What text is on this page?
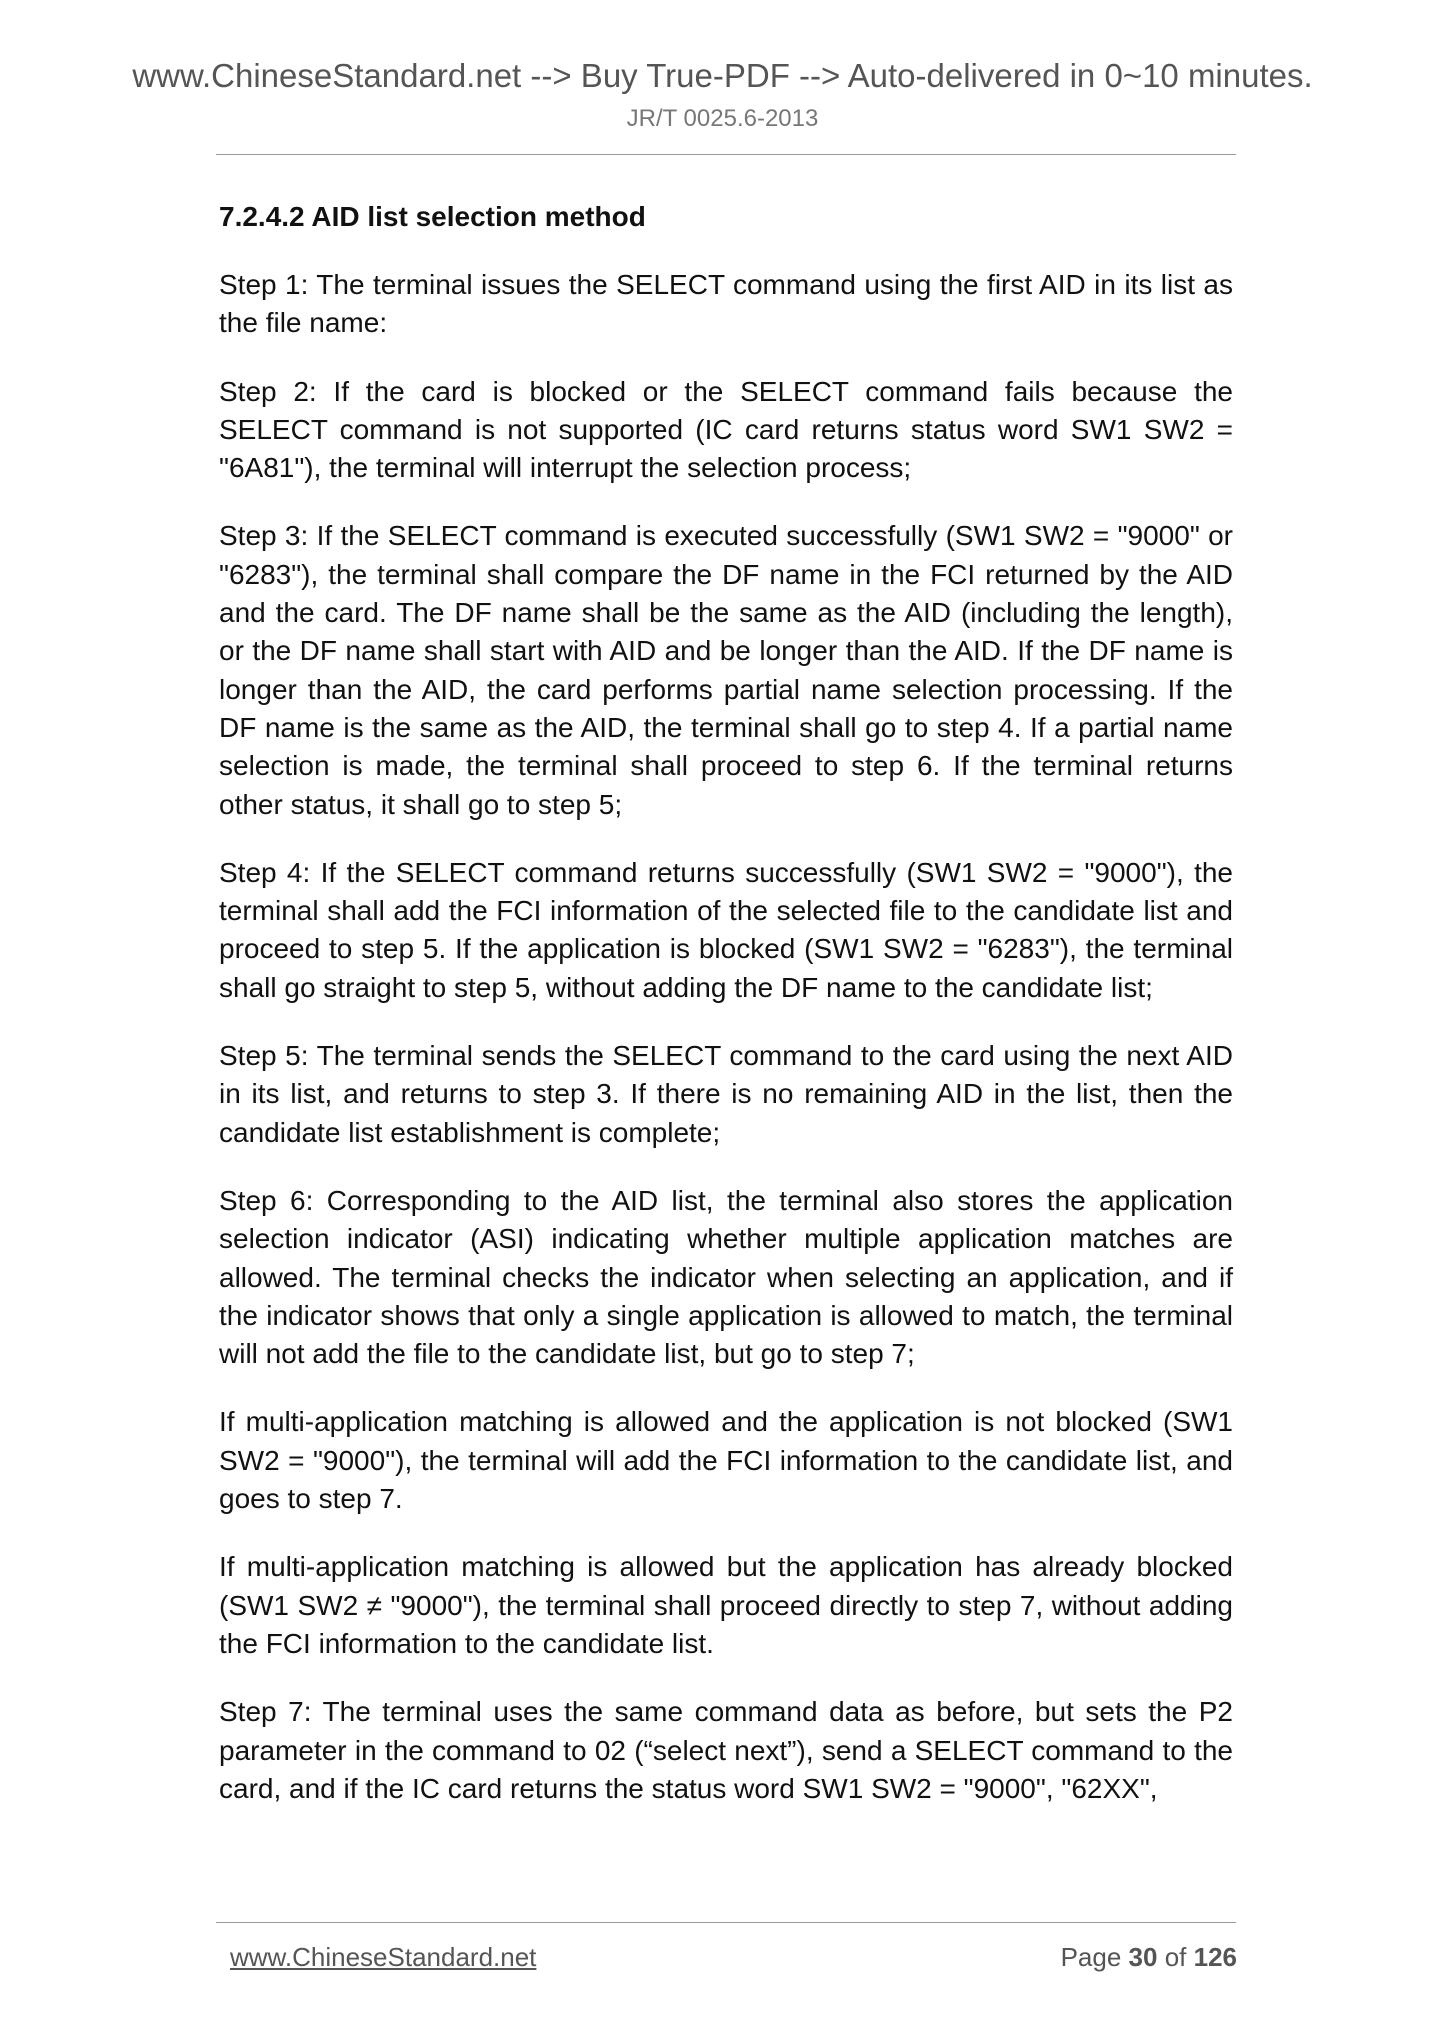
www.ChineseStandard.net --> Buy True-PDF --> Auto-delivered in 0~10 minutes.
JR/T 0025.6-2013
7.2.4.2 AID list selection method

Step 1: The terminal issues the SELECT command using the first AID in its list as the file name:

Step 2: If the card is blocked or the SELECT command fails because the SELECT command is not supported (IC card returns status word SW1 SW2 = "6A81"), the terminal will interrupt the selection process;

Step 3: If the SELECT command is executed successfully (SW1 SW2 = "9000" or "6283"), the terminal shall compare the DF name in the FCI returned by the AID and the card. The DF name shall be the same as the AID (including the length), or the DF name shall start with AID and be longer than the AID. If the DF name is longer than the AID, the card performs partial name selection processing. If the DF name is the same as the AID, the terminal shall go to step 4. If a partial name selection is made, the terminal shall proceed to step 6. If the terminal returns other status, it shall go to step 5;

Step 4: If the SELECT command returns successfully (SW1 SW2 = "9000"), the terminal shall add the FCI information of the selected file to the candidate list and proceed to step 5. If the application is blocked (SW1 SW2 = "6283"), the terminal shall go straight to step 5, without adding the DF name to the candidate list;

Step 5: The terminal sends the SELECT command to the card using the next AID in its list, and returns to step 3. If there is no remaining AID in the list, then the candidate list establishment is complete;

Step 6: Corresponding to the AID list, the terminal also stores the application selection indicator (ASI) indicating whether multiple application matches are allowed. The terminal checks the indicator when selecting an application, and if the indicator shows that only a single application is allowed to match, the terminal will not add the file to the candidate list, but go to step 7;

If multi-application matching is allowed and the application is not blocked (SW1 SW2 = "9000"), the terminal will add the FCI information to the candidate list, and goes to step 7.

If multi-application matching is allowed but the application has already blocked (SW1 SW2 ≠ "9000"), the terminal shall proceed directly to step 7, without adding the FCI information to the candidate list.

Step 7: The terminal uses the same command data as before, but sets the P2 parameter in the command to 02 (“select next”), send a SELECT command to the card, and if the IC card returns the status word SW1 SW2 = "9000", "62XX",

www.ChineseStandard.net	Page 30 of 126
